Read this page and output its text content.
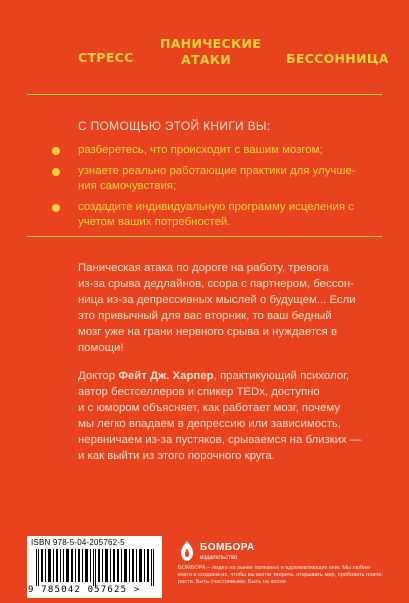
СТРЕСС
ПАНИЧЕСКИЕ
АТАКИ	БЕССОННИЦА
С ПОМОЩЬЮ ЭТОЙ КНИГИ ВЫ:
разберетесь, что происходит с вашим мозгом;
узнаете реально работающие практики для улучше-
ния самочувствия;
создадите индивидуальную программу исцеления с
учетом ваших потребностей.
Паническая атака по дороге на работу, тревога
из-за срыва дедлайнов, ссора с партнером, бессон-
ница из-за депрессивных мыслей о будущем... Если
это привычный для вас вторник, то ваш бедный
мозг уже на грани нервного срыва и нуждается в
помощи!
Доктор Фейт Дж. Харпер, практикующий психолог,
автор бестселлеров и спикер TEDx, доступно
и с юмором объясняет, как работает мозг, почему
мы легко впадаем в депрессию или зависимость,
нервничаем из-за пустяков, срываемся на близких —
и как выйти из этого порочного круга.
ISBN 978-5-04-205762-5
9 785042 057625 >
БОМБОРА
издательство
БОМБОРА – лидер на рынке полезных и вдохновляющих книг. Мы любим книги и создаем их, чтобы вы могли творить, открывать мир, пробовать новое, расти. Быть счастливыми. Быть на волне.
